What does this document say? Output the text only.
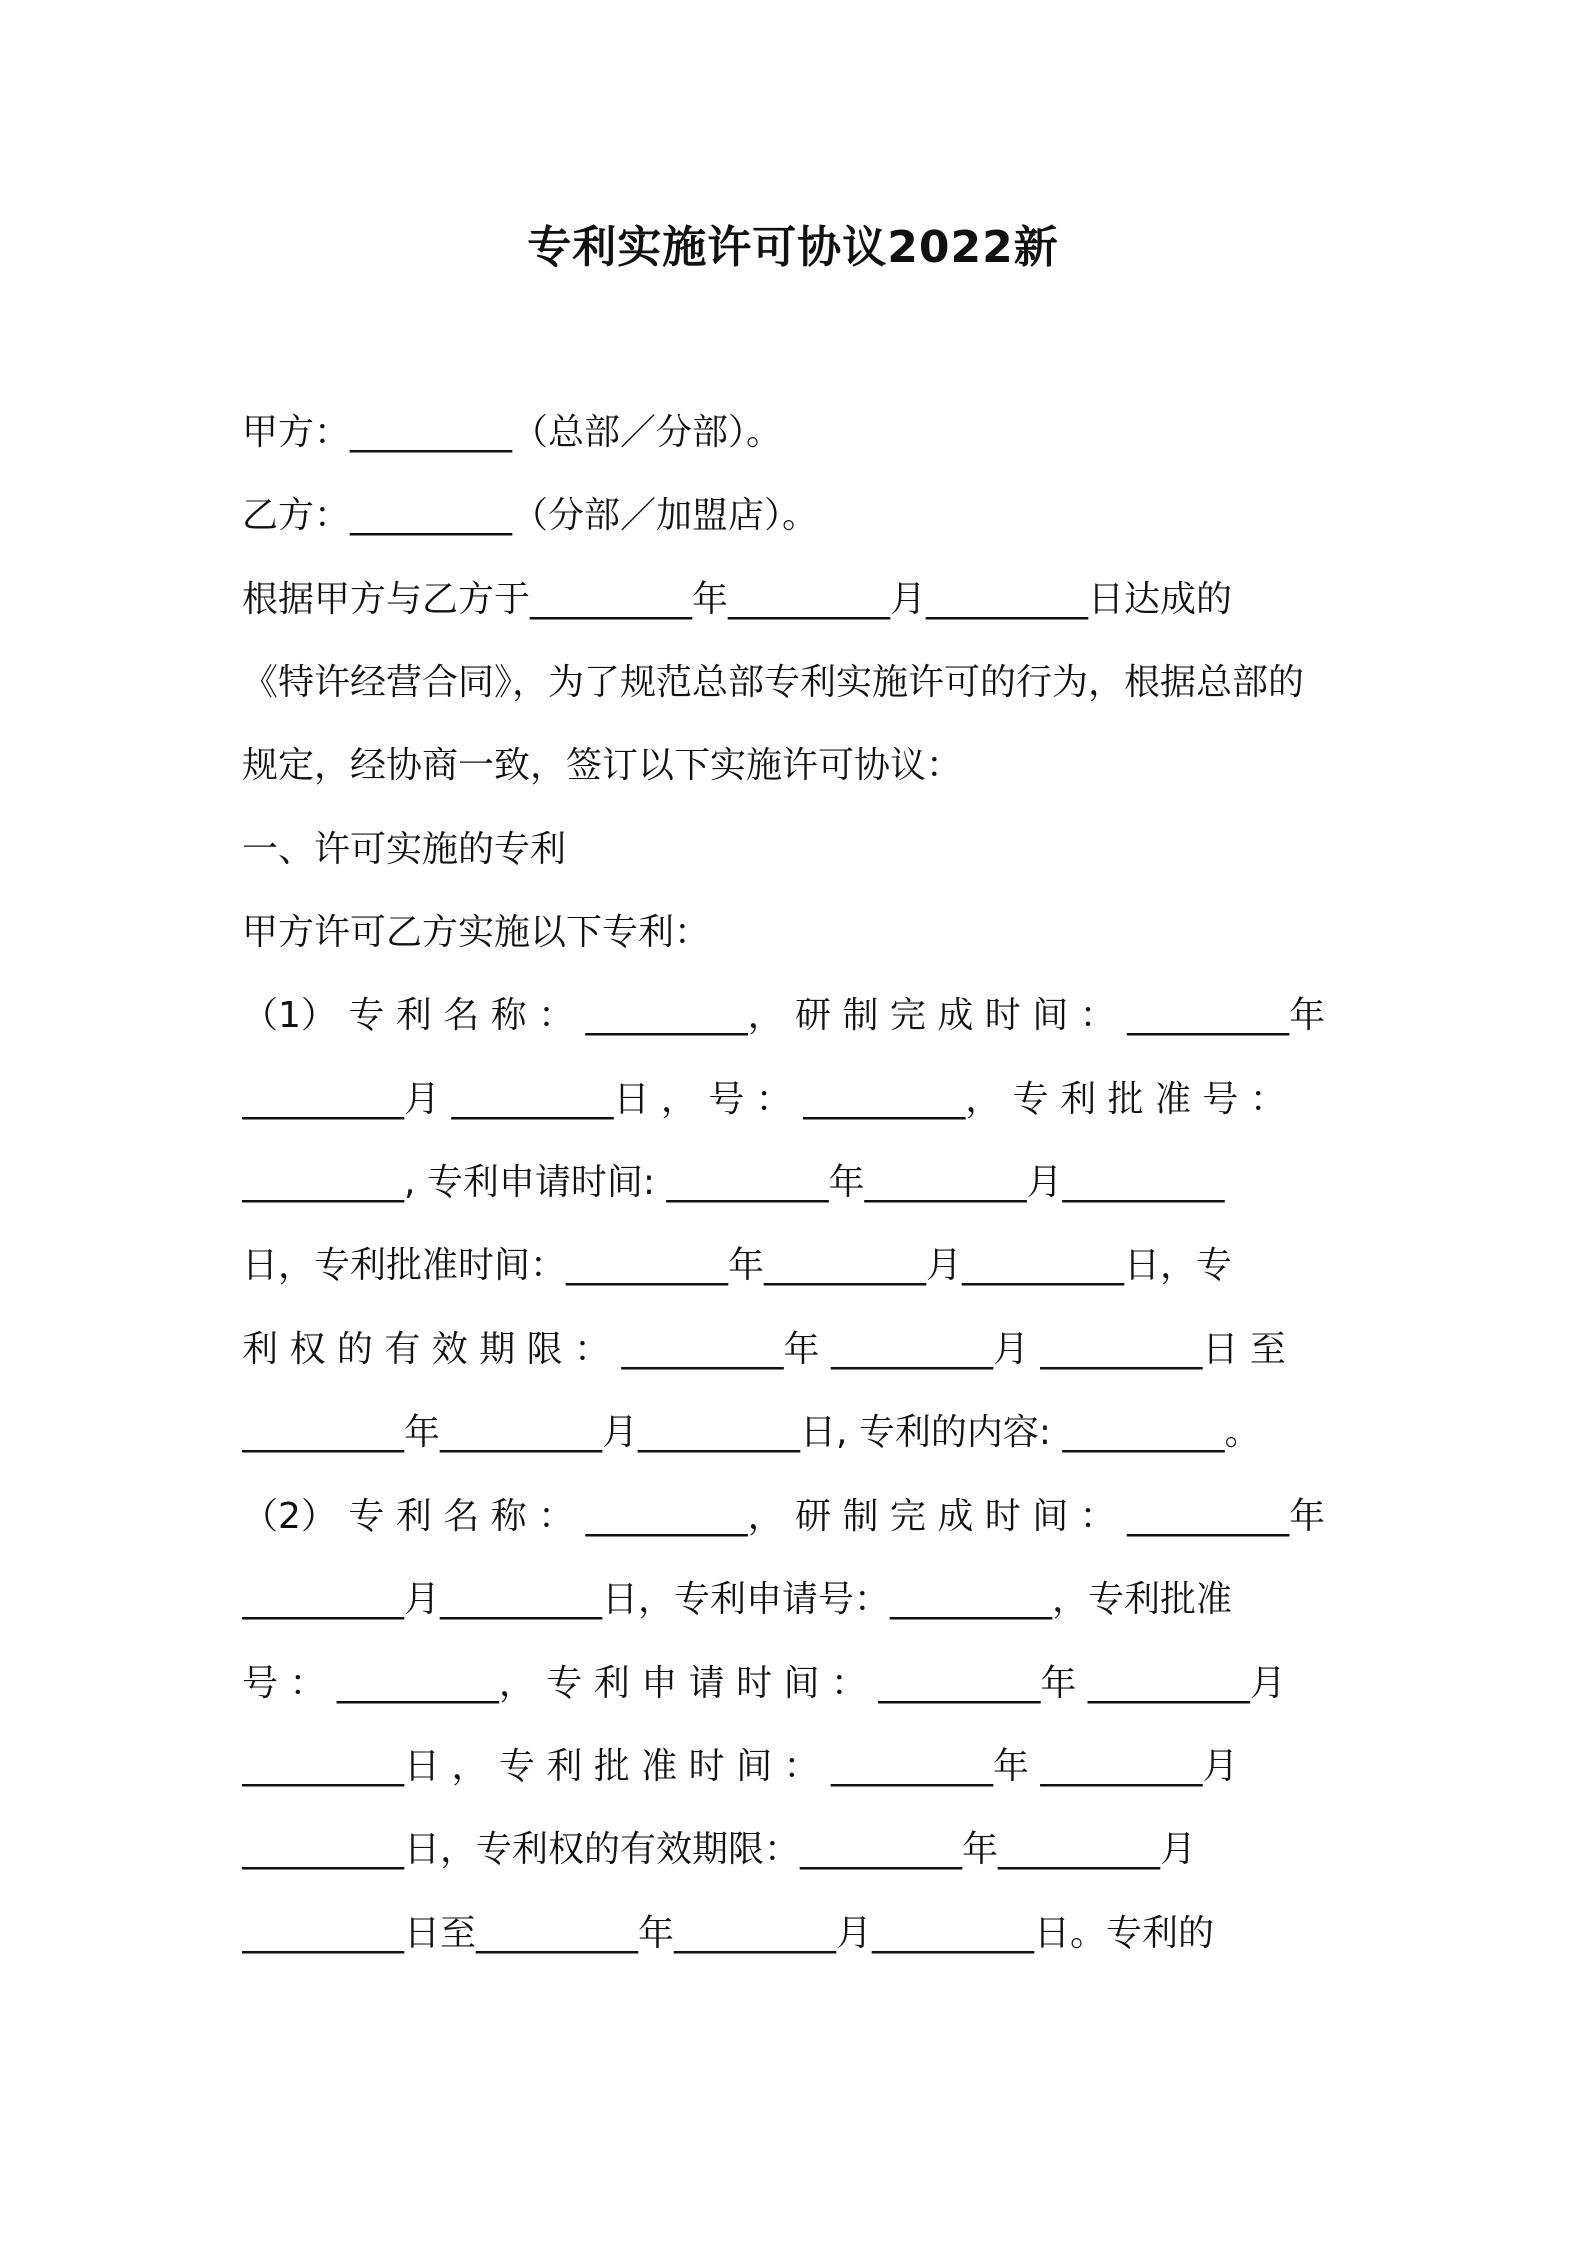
专利实施许可协议2022新
甲方：_________（总部／分部）。
乙方：_________（分部／加盟店）。
根据甲方与乙方于_________年_________月_________日达成的
《特许经营合同》，为了规范总部专利实施许可的行为，根据总部的
规定，经协商一致，签订以下实施许可协议：
一、许可实施的专利
甲方许可乙方实施以下专利：
（1） 专 利 名 称 ： _________， 研 制 完 成 时 间 ： _________年
_________月 _________日 ， 号 ： _________， 专 利 批 准 号 ：
_________, 专利申请时间: _________年_________月_________
日，专利批准时间：_________年_________月_________日，专
利 权 的 有 效 期 限 ： _________年 _________月 _________日 至
_________年_________月_________日, 专利的内容: _________。
（2） 专 利 名 称 ： _________， 研 制 完 成 时 间 ： _________年
_________月_________日，专利申请号：_________，专利批准
号 ： _________， 专 利 申 请 时 间 ： _________年 _________月
_________日 ， 专 利 批 准 时 间 ： _________年 _________月
_________日，专利权的有效期限：_________年_________月
_________日至_________年_________月_________日。专利的
